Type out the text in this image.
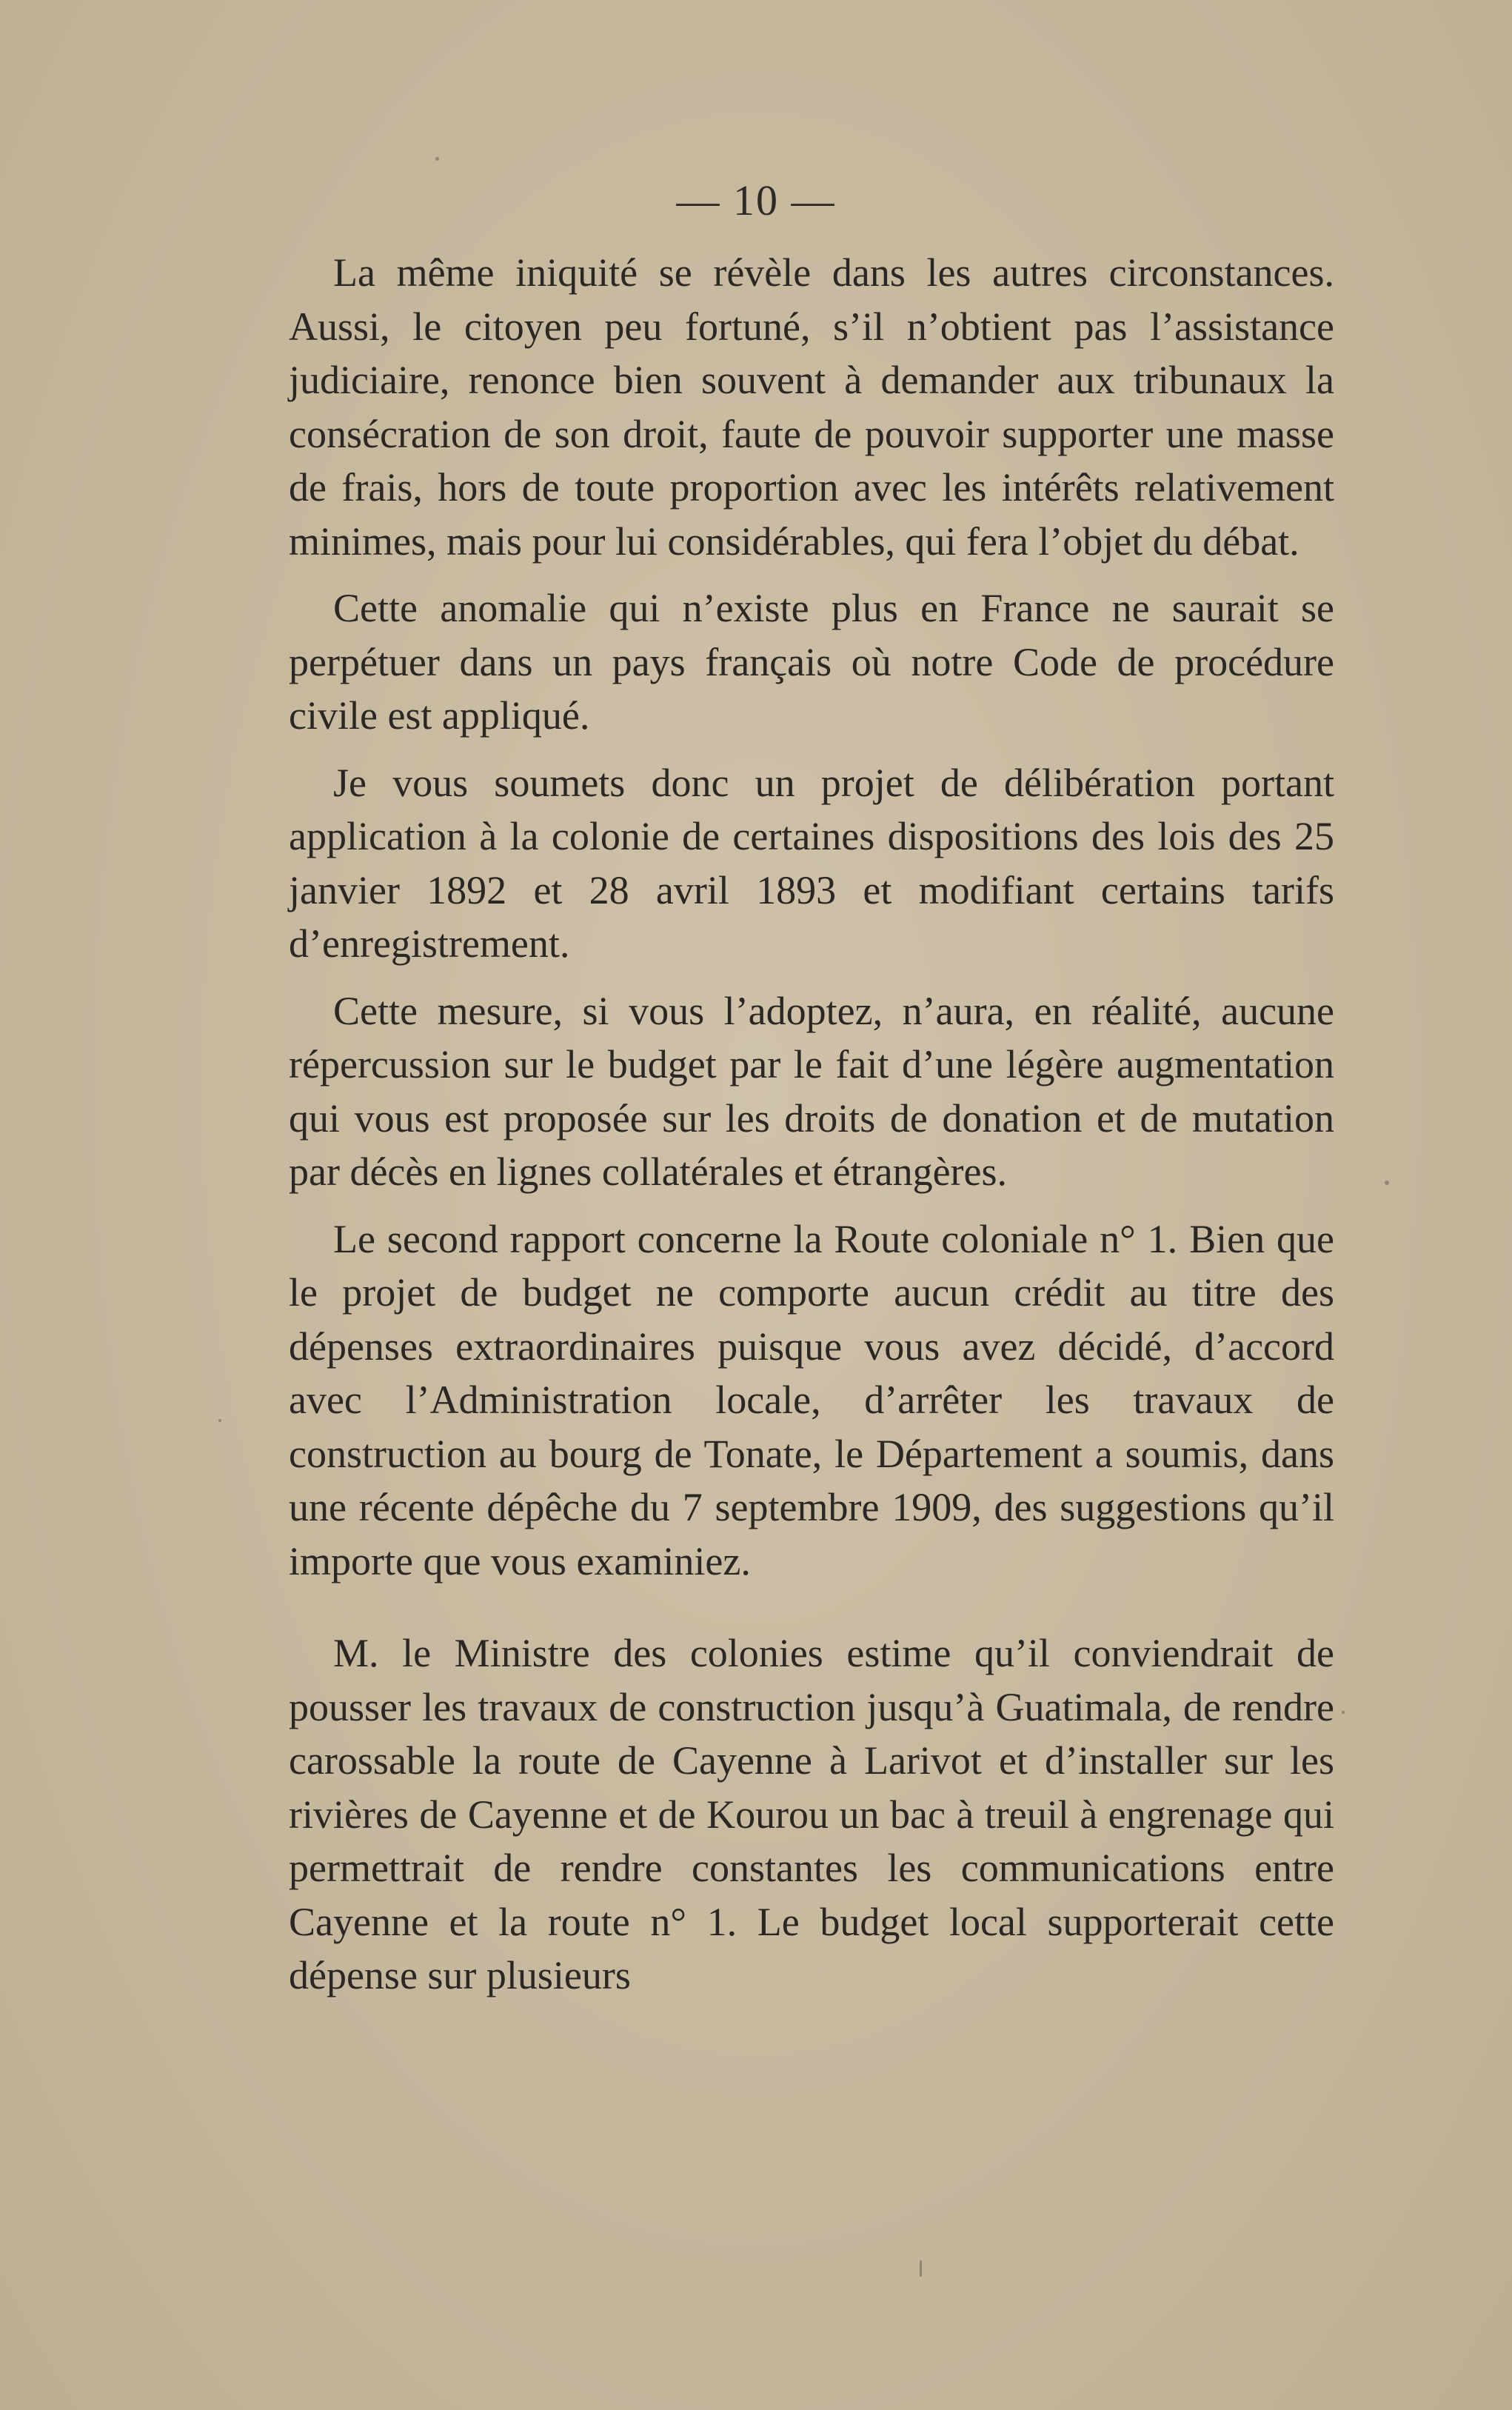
— 10 —

La même iniquité se révèle dans les autres circonstances. Aussi, le citoyen peu fortuné, s’il n’obtient pas l’assistance judiciaire, renonce bien souvent à demander aux tribunaux la consécration de son droit, faute de pouvoir supporter une masse de frais, hors de toute proportion avec les intérêts relativement minimes, mais pour lui considérables, qui fera l’objet du débat.

Cette anomalie qui n’existe plus en France ne saurait se perpétuer dans un pays français où notre Code de procédure civile est appliqué.

Je vous soumets donc un projet de délibération portant application à la colonie de certaines dispositions des lois des 25 janvier 1892 et 28 avril 1893 et modifiant certains tarifs d’enregistrement.

Cette mesure, si vous l’adoptez, n’aura, en réalité, aucune répercussion sur le budget par le fait d’une légère augmentation qui vous est proposée sur les droits de donation et de mutation par décès en lignes collatérales et étrangères.

Le second rapport concerne la Route coloniale n° 1. Bien que le projet de budget ne comporte aucun crédit au titre des dépenses extraordinaires puisque vous avez décidé, d’accord avec l’Administration locale, d’arrêter les travaux de construction au bourg de Tonate, le Département a soumis, dans une récente dépêche du 7 septembre 1909, des suggestions qu’il importe que vous examiniez.

M. le Ministre des colonies estime qu’il conviendrait de pousser les travaux de construction jusqu’à Guatimala, de rendre carossable la route de Cayenne à Larivot et d’installer sur les rivières de Cayenne et de Kourou un bac à treuil à engrenage qui permettrait de rendre constantes les communications entre Cayenne et la route n° 1. Le budget local supporterait cette dépense sur plusieurs
